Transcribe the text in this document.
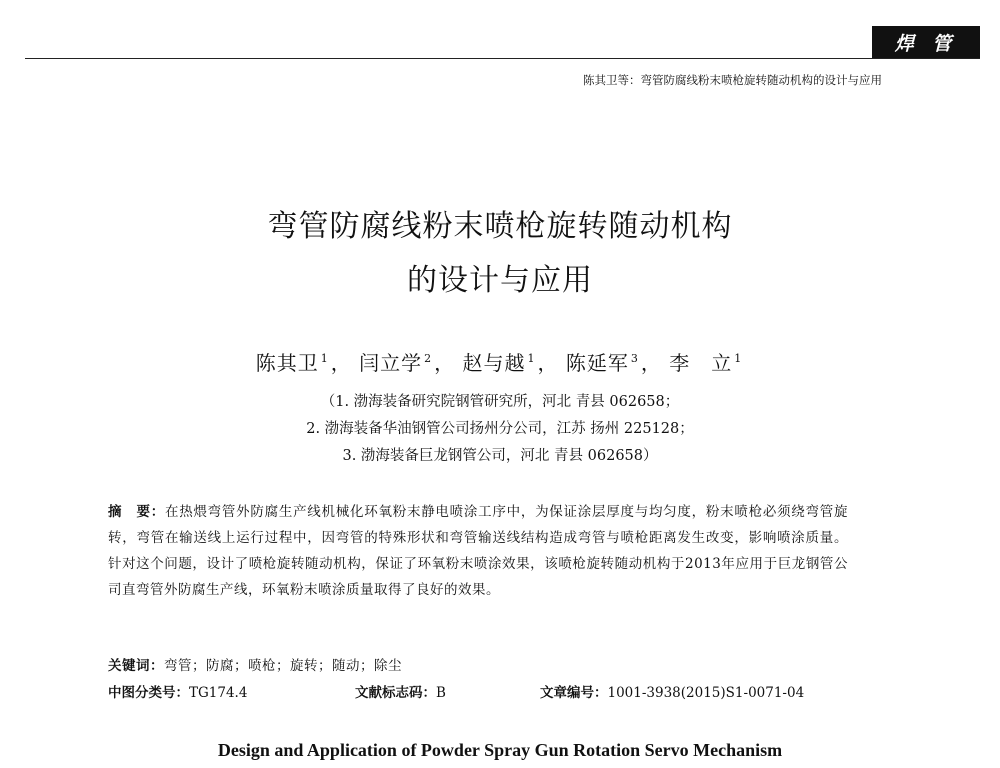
焊 管
陈其卫等：弯管防腐线粉末喷枪旋转随动机构的设计与应用
弯管防腐线粉末喷枪旋转随动机构
的设计与应用
陈其卫 $^1$ ， 闫立学 $^2$ ， 赵与越 $^1$ ， 陈延军 $^3$ ， 李　立 $^1$
（1. 渤海装备研究院钢管研究所，河北 青县 062658；
2. 渤海装备华油钢管公司扬州分公司，江苏 扬州 225128；
3. 渤海装备巨龙钢管公司，河北 青县 062658）
摘　要：在热煨弯管外防腐生产线机械化环氧粉末静电喷涂工序中，为保证涂层厚度与均匀度，粉末喷枪必须绕弯管旋转，弯管在输送线上运行过程中，因弯管的特殊形状和弯管输送线结构造成弯管与喷枪距离发生改变，影响喷涂质量。针对这个问题，设计了喷枪旋转随动机构，保证了环氧粉末喷涂效果，该喷枪旋转随动机构于2013年应用于巨龙钢管公司直弯管外防腐生产线，环氧粉末喷涂质量取得了良好的效果。
关键词：弯管；防腐；喷枪；旋转；随动；除尘
中图分类号：TG174.4	文献标志码：B	文章编号：1001-3938(2015)S1-0071-04
Design and Application of Powder Spray Gun Rotation Servo Mechanism
